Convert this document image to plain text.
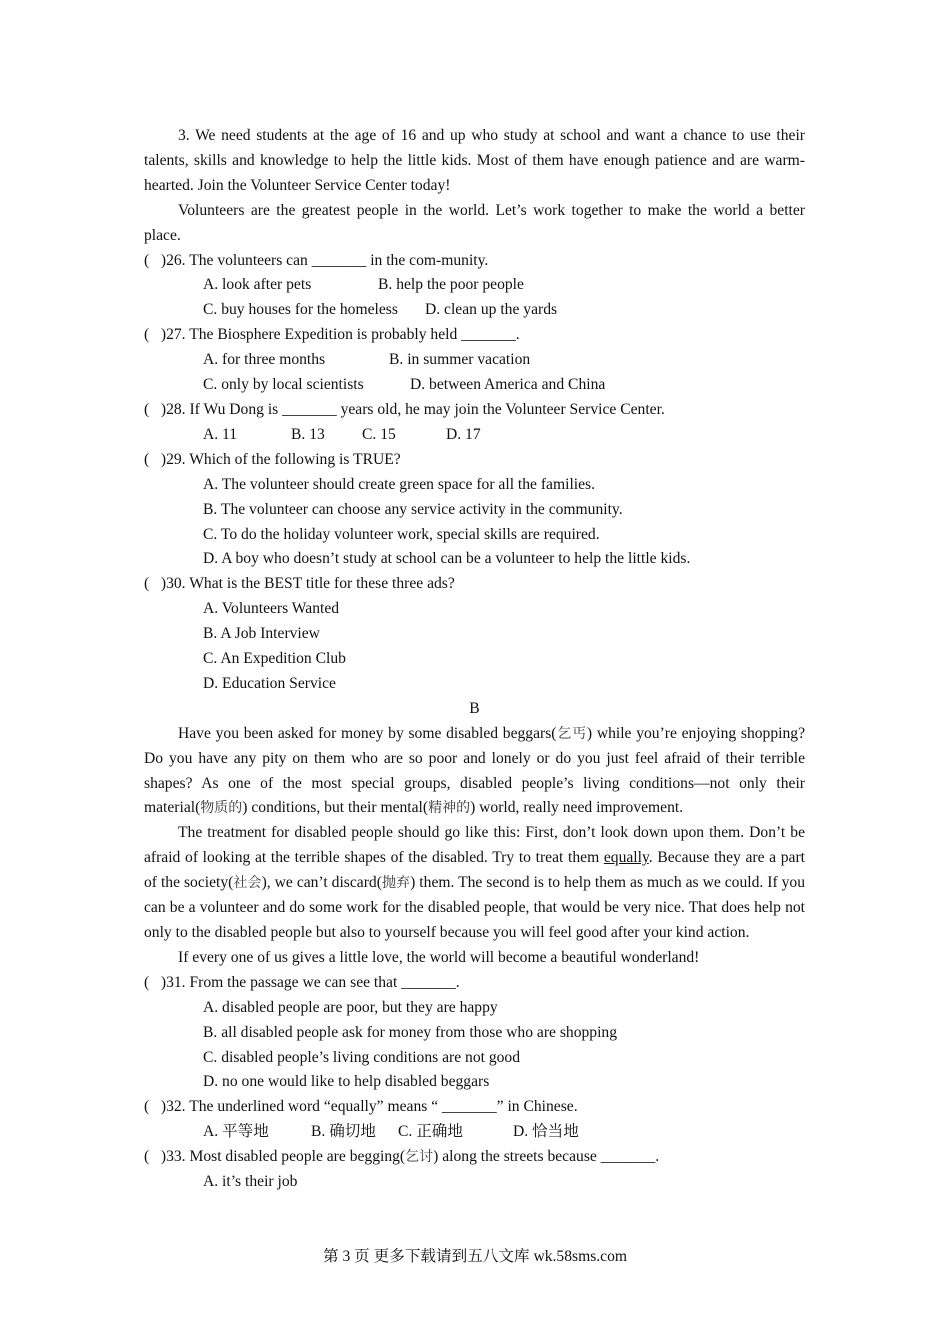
3. We need students at the age of 16 and up who study at school and want a chance to use their talents, skills and knowledge to help the little kids. Most of them have enough patience and are warm-hearted. Join the Volunteer Service Center today!

Volunteers are the greatest people in the world. Let’s work together to make the world a better place.

(   )26. The volunteers can _______ in the com-munity.

A. look after pets	B. help the poor people
C. buy houses for the homeless	D. clean up the yards

(   )27. The Biosphere Expedition is probably held _______.

A. for three months	B. in summer vacation
C. only by local scientists	D. between America and China

(   )28. If Wu Dong is _______ years old, he may join the Volunteer Service Center.

A. 11	B. 13	C. 15	D. 17

(   )29. Which of the following is TRUE?

A. The volunteer should create green space for all the families.

B. The volunteer can choose any service activity in the community.

C. To do the holiday volunteer work, special skills are required.

D. A boy who doesn’t study at school can be a volunteer to help the little kids.

(   )30. What is the BEST title for these three ads?

A. Volunteers Wanted

B. A Job Interview

C. An Expedition Club

D. Education Service

B

Have you been asked for money by some disabled beggars(乞丐) while you’re enjoying shopping? Do you have any pity on them who are so poor and lonely or do you just feel afraid of their terrible shapes? As one of the most special groups, disabled people’s living conditions—not only their material(物质的) conditions, but their mental(精神的) world, really need improvement.

The treatment for disabled people should go like this: First, don’t look down upon them. Don’t be afraid of looking at the terrible shapes of the disabled. Try to treat them equally. Because they are a part of the society(社会), we can’t discard(抛弃) them. The second is to help them as much as we could. If you can be a volunteer and do some work for the disabled people, that would be very nice. That does help not only to the disabled people but also to yourself because you will feel good after your kind action.

If every one of us gives a little love, the world will become a beautiful wonderland!

(   )31. From the passage we can see that _______.

A. disabled people are poor, but they are happy

B. all disabled people ask for money from those who are shopping

C. disabled people’s living conditions are not good

D. no one would like to help disabled beggars

(   )32. The underlined word “equally” means “ _______” in Chinese.

A. 平等地	B. 确切地	C. 正确地	D. 恰当地

(   )33. Most disabled people are begging(乞讨) along the streets because _______.

A. it’s their job

第 3 页 更多下载请到五八文库 wk.58sms.com
